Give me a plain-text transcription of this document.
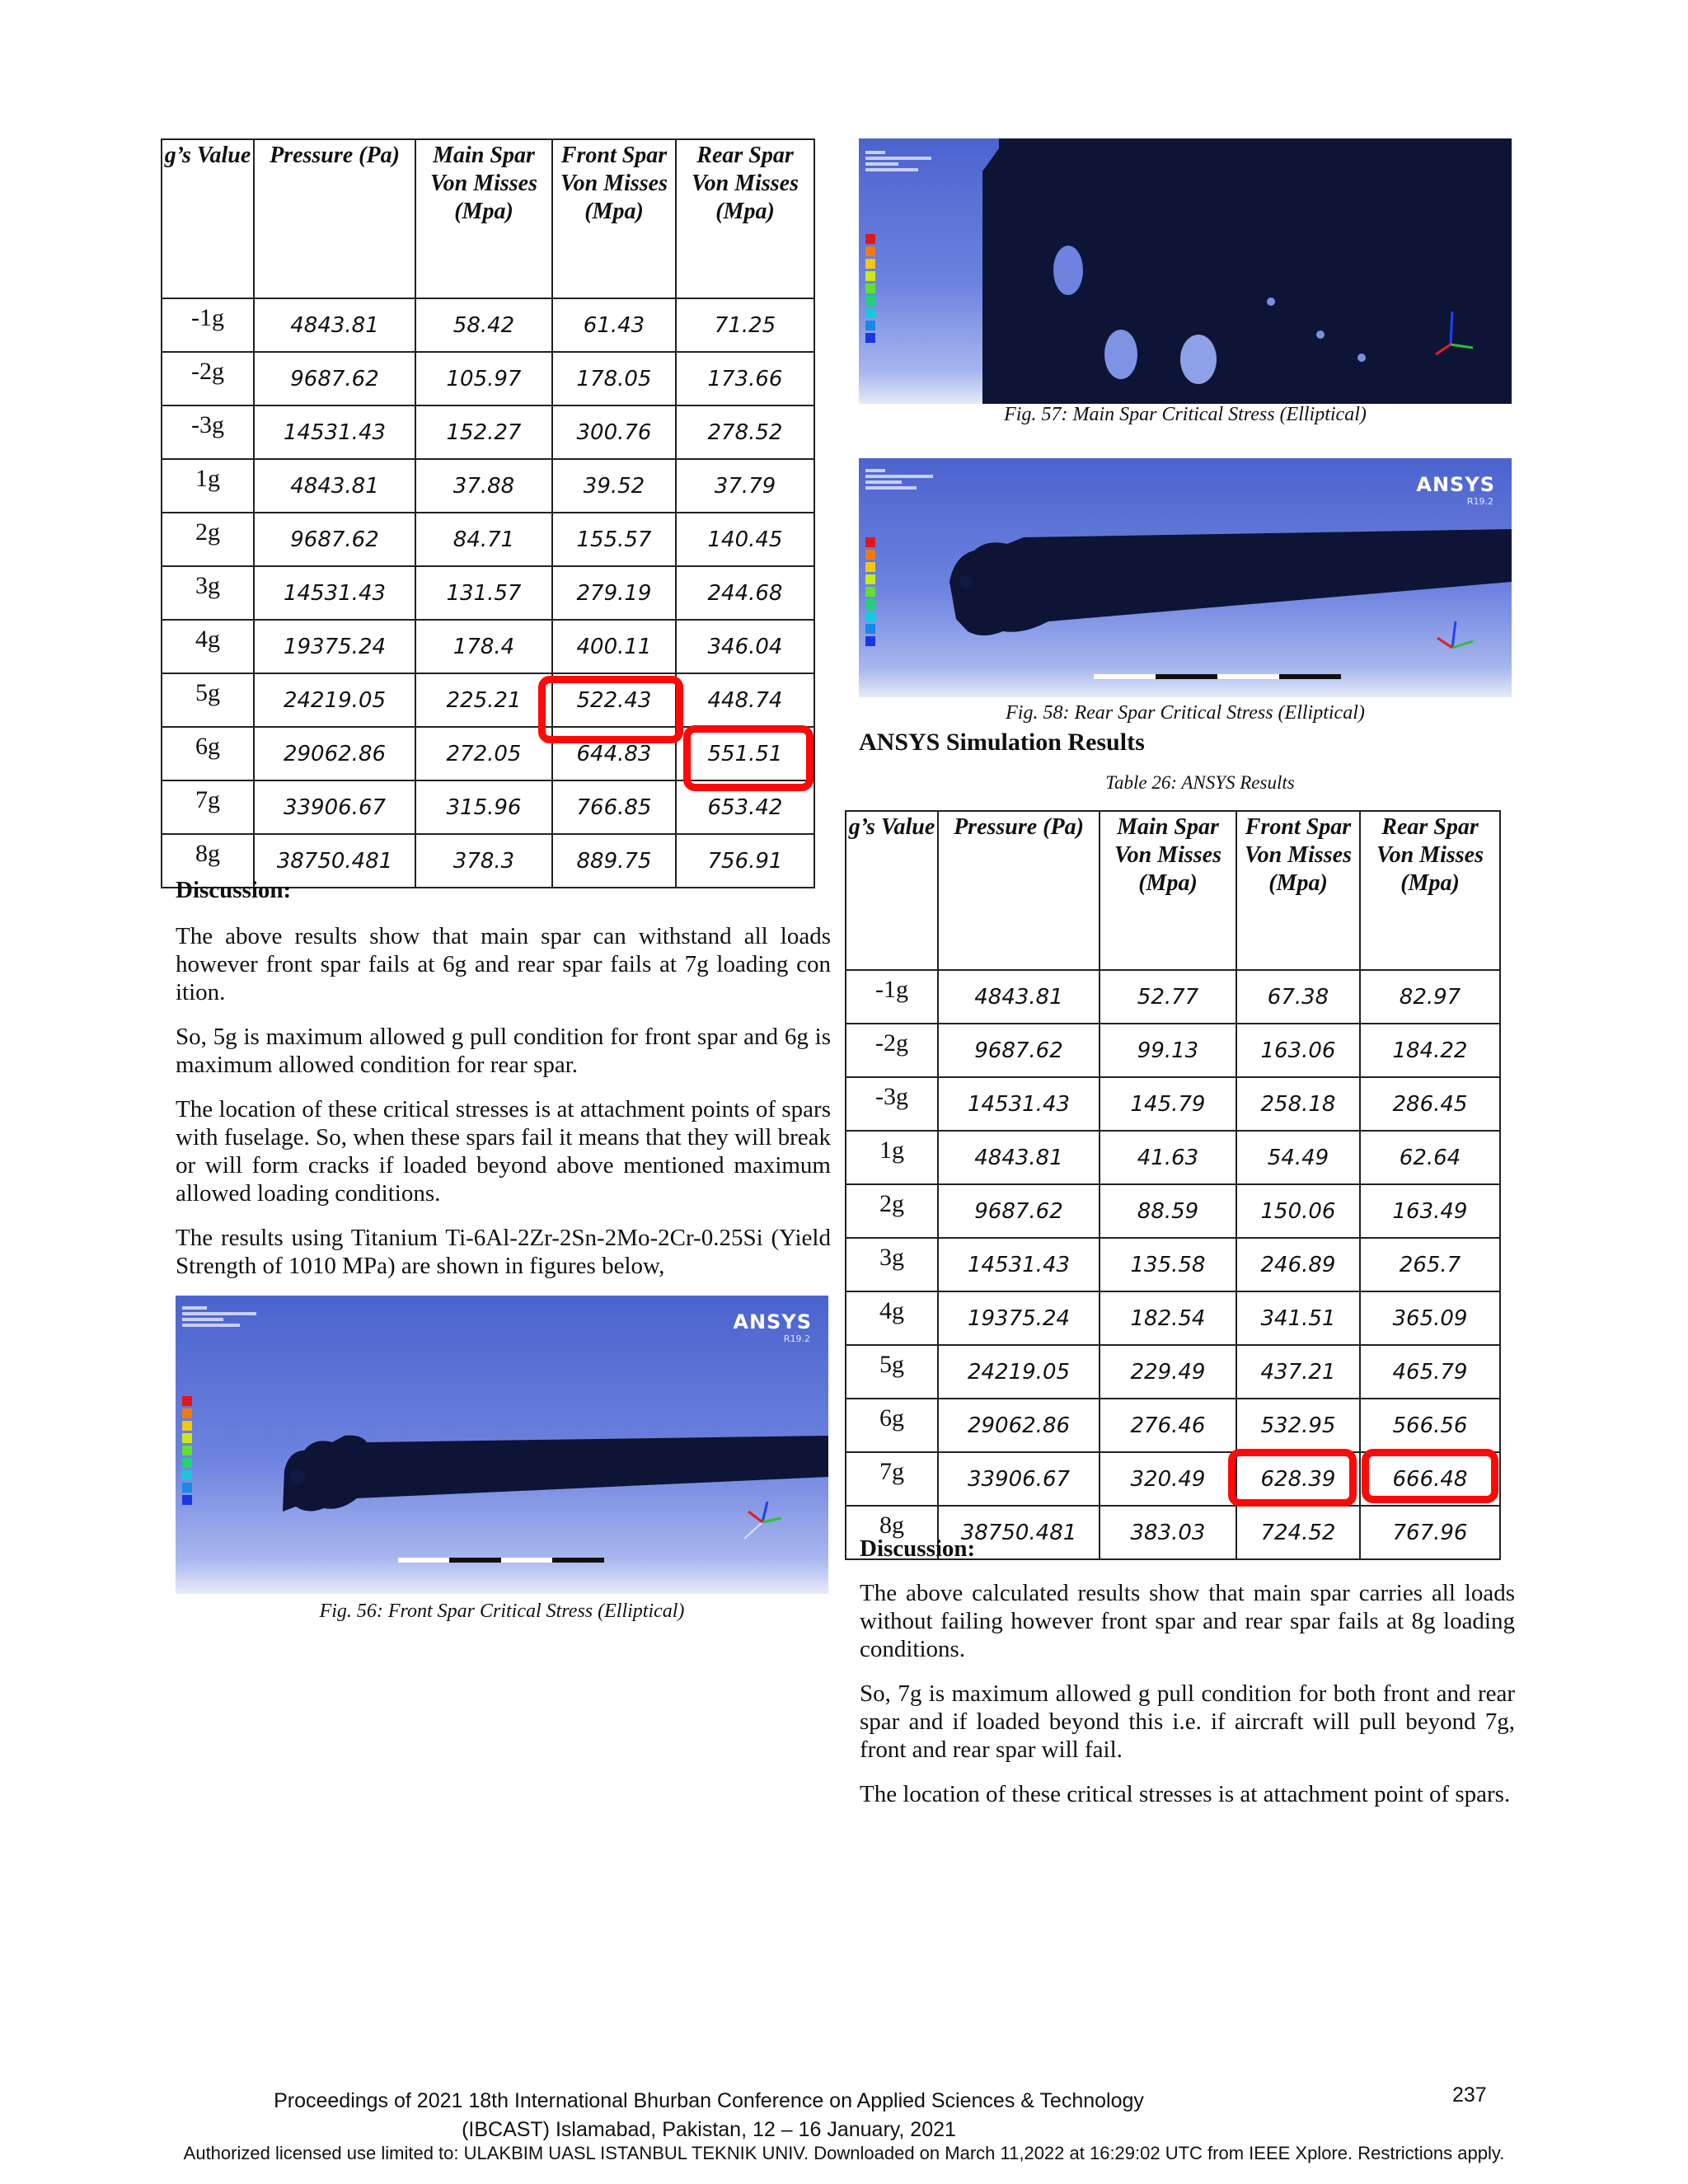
g’s Value	Pressure (Pa)	Main Spar Von Misses (Mpa)	Front Spar Von Misses (Mpa)	Rear Spar Von Misses (Mpa)
-1g	4843.81	58.42	61.43	71.25
-2g	9687.62	105.97	178.05	173.66
-3g	14531.43	152.27	300.76	278.52
1g	4843.81	37.88	39.52	37.79
2g	9687.62	84.71	155.57	140.45
3g	14531.43	131.57	279.19	244.68
4g	19375.24	178.4	400.11	346.04
5g	24219.05	225.21	522.43	448.74
6g	29062.86	272.05	644.83	551.51
7g	33906.67	315.96	766.85	653.42
8g	38750.481	378.3	889.75	756.91

Discussion:

The above results show that main spar can withstand all loads however front spar fails at 6g and rear spar fails at 7g loading con ition.

So, 5g is maximum allowed g pull condition for front spar and 6g is maximum allowed condition for rear spar.

The location of these critical stresses is at attachment points of spars with fuselage. So, when these spars fail it means that they will break or will form cracks if loaded beyond above mentioned maximum allowed loading conditions.

The results using Titanium Ti-6Al-2Zr-2Sn-2Mo-2Cr-0.25Si (Yield Strength of 1010 MPa) are shown in figures below,

ANSYS
R19.2
Fig. 56: Front Spar Critical Stress (Elliptical)
Fig. 57: Main Spar Critical Stress (Elliptical)
ANSYS
R19.2
Fig. 58: Rear Spar Critical Stress (Elliptical)
ANSYS Simulation Results
Table 26: ANSYS Results
g’s Value	Pressure (Pa)	Main Spar Von Misses (Mpa)	Front Spar Von Misses (Mpa)	Rear Spar Von Misses (Mpa)
-1g	4843.81	52.77	67.38	82.97
-2g	9687.62	99.13	163.06	184.22
-3g	14531.43	145.79	258.18	286.45
1g	4843.81	41.63	54.49	62.64
2g	9687.62	88.59	150.06	163.49
3g	14531.43	135.58	246.89	265.7
4g	19375.24	182.54	341.51	365.09
5g	24219.05	229.49	437.21	465.79
6g	29062.86	276.46	532.95	566.56
7g	33906.67	320.49	628.39	666.48
8g	38750.481	383.03	724.52	767.96

Discussion:

The above calculated results show that main spar carries all loads without failing however front spar and rear spar fails at 8g loading conditions.

So, 7g is maximum allowed g pull condition for both front and rear spar and if loaded beyond this i.e. if aircraft will pull beyond 7g, front and rear spar will fail.

The location of these critical stresses is at attachment point of spars.

Proceedings of 2021 18th International Bhurban Conference on Applied Sciences & Technology
(IBCAST) Islamabad, Pakistan, 12 – 16 January, 2021
237
Authorized licensed use limited to: ULAKBIM UASL ISTANBUL TEKNIK UNIV. Downloaded on March 11,2022 at 16:29:02 UTC from IEEE Xplore. Restrictions apply.
